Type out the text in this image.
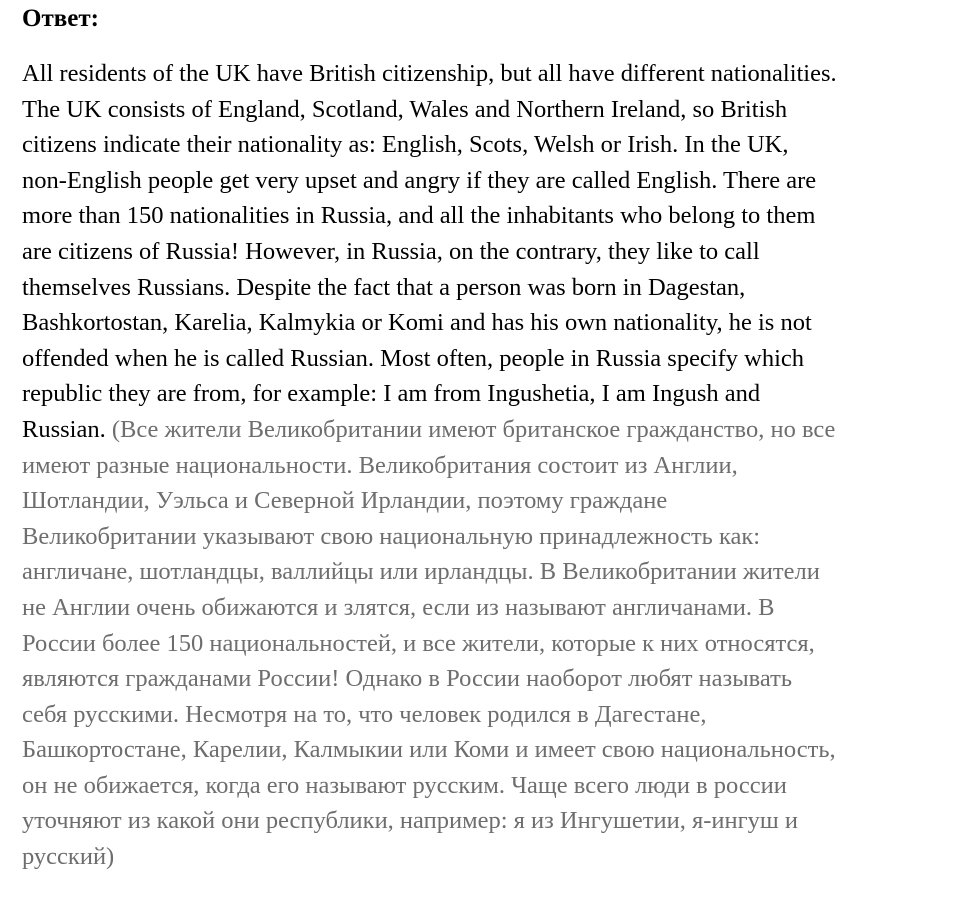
Ответ:
All residents of the UK have British citizenship, but all have different nationalities.
The UK consists of England, Scotland, Wales and Northern Ireland, so British
citizens indicate their nationality as: English, Scots, Welsh or Irish. In the UK,
non-English people get very upset and angry if they are called English. There are
more than 150 nationalities in Russia, and all the inhabitants who belong to them
are citizens of Russia! However, in Russia, on the contrary, they like to call
themselves Russians. Despite the fact that a person was born in Dagestan,
Bashkortostan, Karelia, Kalmykia or Komi and has his own nationality, he is not
offended when he is called Russian. Most often, people in Russia specify which
republic they are from, for example: I am from Ingushetia, I am Ingush and
Russian. (Все жители Великобритании имеют британское гражданство, но все
имеют разные национальности. Великобритания состоит из Англии,
Шотландии, Уэльса и Северной Ирландии, поэтому граждане
Великобритании указывают свою национальную принадлежность как:
англичане, шотландцы, валлийцы или ирландцы. В Великобритании жители
не Англии очень обижаются и злятся, если из называют англичанами. В
России более 150 национальностей, и все жители, которые к них относятся,
являются гражданами России! Однако в России наоборот любят называть
себя русскими. Несмотря на то, что человек родился в Дагестане,
Башкортостане, Карелии, Калмыкии или Коми и имеет свою национальность,
он не обижается, когда его называют русским. Чаще всего люди в россии
уточняют из какой они республики, например: я из Ингушетии, я-ингуш и
русский)
